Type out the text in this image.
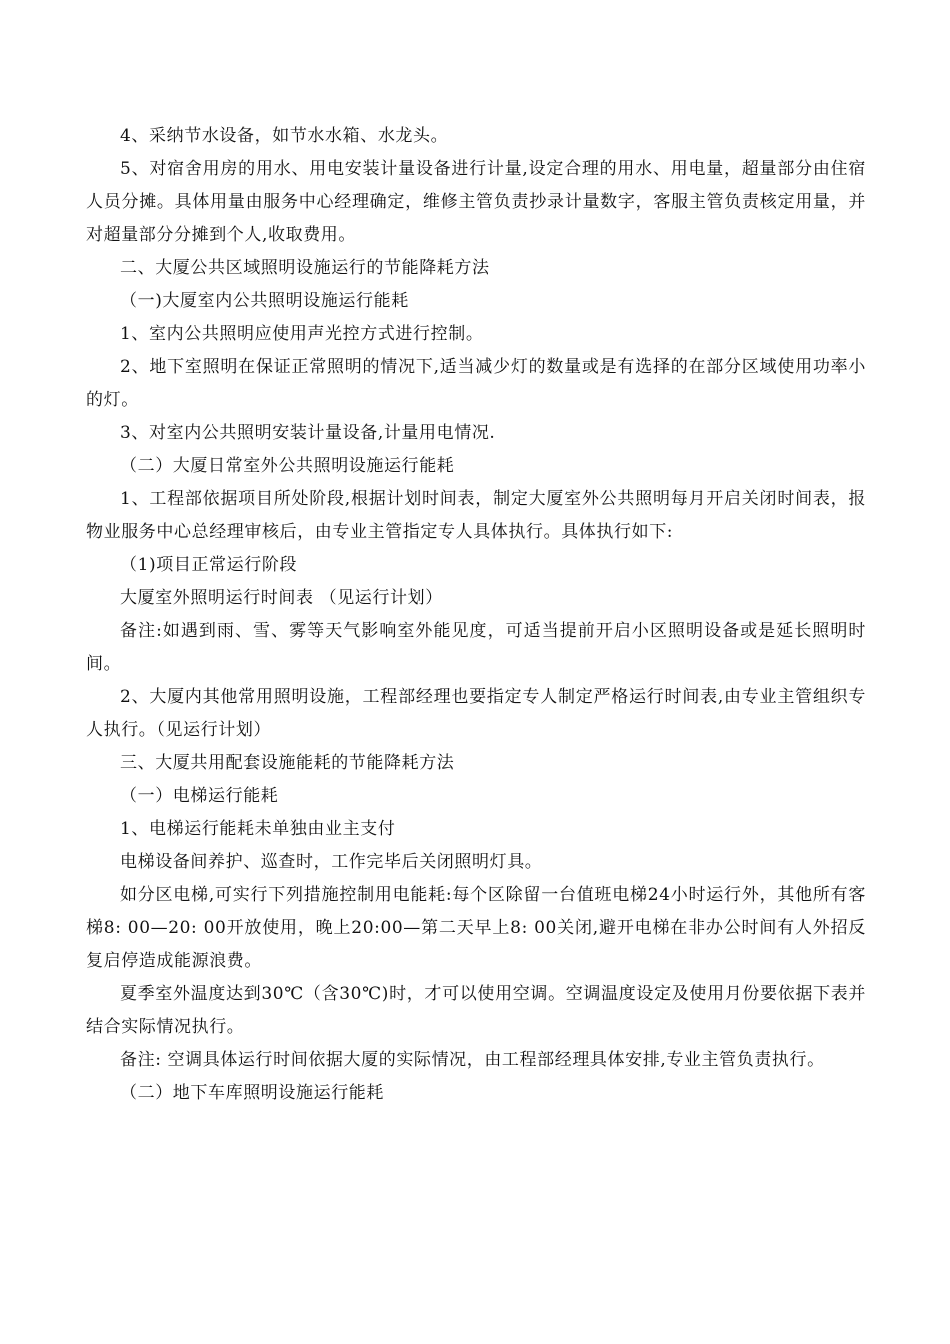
4、采纳节水设备，如节水水箱、水龙头。

5、对宿舍用房的用水、用电安装计量设备进行计量,设定合理的用水、用电量，超量部分由住宿人员分摊。具体用量由服务中心经理确定，维修主管负责抄录计量数字，客服主管负责核定用量，并对超量部分分摊到个人,收取费用。

二、大厦公共区域照明设施运行的节能降耗方法

（一)大厦室内公共照明设施运行能耗

1、室内公共照明应使用声光控方式进行控制。

2、地下室照明在保证正常照明的情况下,适当减少灯的数量或是有选择的在部分区域使用功率小的灯。

3、对室内公共照明安装计量设备,计量用电情况.

（二）大厦日常室外公共照明设施运行能耗

1、工程部依据项目所处阶段,根据计划时间表，制定大厦室外公共照明每月开启关闭时间表，报物业服务中心总经理审核后，由专业主管指定专人具体执行。具体执行如下:

（1)项目正常运行阶段

大厦室外照明运行时间表 （见运行计划）

备注:如遇到雨、雪、雾等天气影响室外能见度，可适当提前开启小区照明设备或是延长照明时间。

2、大厦内其他常用照明设施，工程部经理也要指定专人制定严格运行时间表,由专业主管组织专人执行。（见运行计划）

三、大厦共用配套设施能耗的节能降耗方法

（一）电梯运行能耗

1、电梯运行能耗未单独由业主支付

电梯设备间养护、巡查时，工作完毕后关闭照明灯具。

如分区电梯,可实行下列措施控制用电能耗:每个区除留一台值班电梯24小时运行外，其他所有客梯8: 00—20: 00开放使用，晚上20:00—第二天早上8: 00关闭,避开电梯在非办公时间有人外招反复启停造成能源浪费。

夏季室外温度达到30℃（含30℃)时，才可以使用空调。空调温度设定及使用月份要依据下表并结合实际情况执行。

备注: 空调具体运行时间依据大厦的实际情况，由工程部经理具体安排,专业主管负责执行。

（二）地下车库照明设施运行能耗
